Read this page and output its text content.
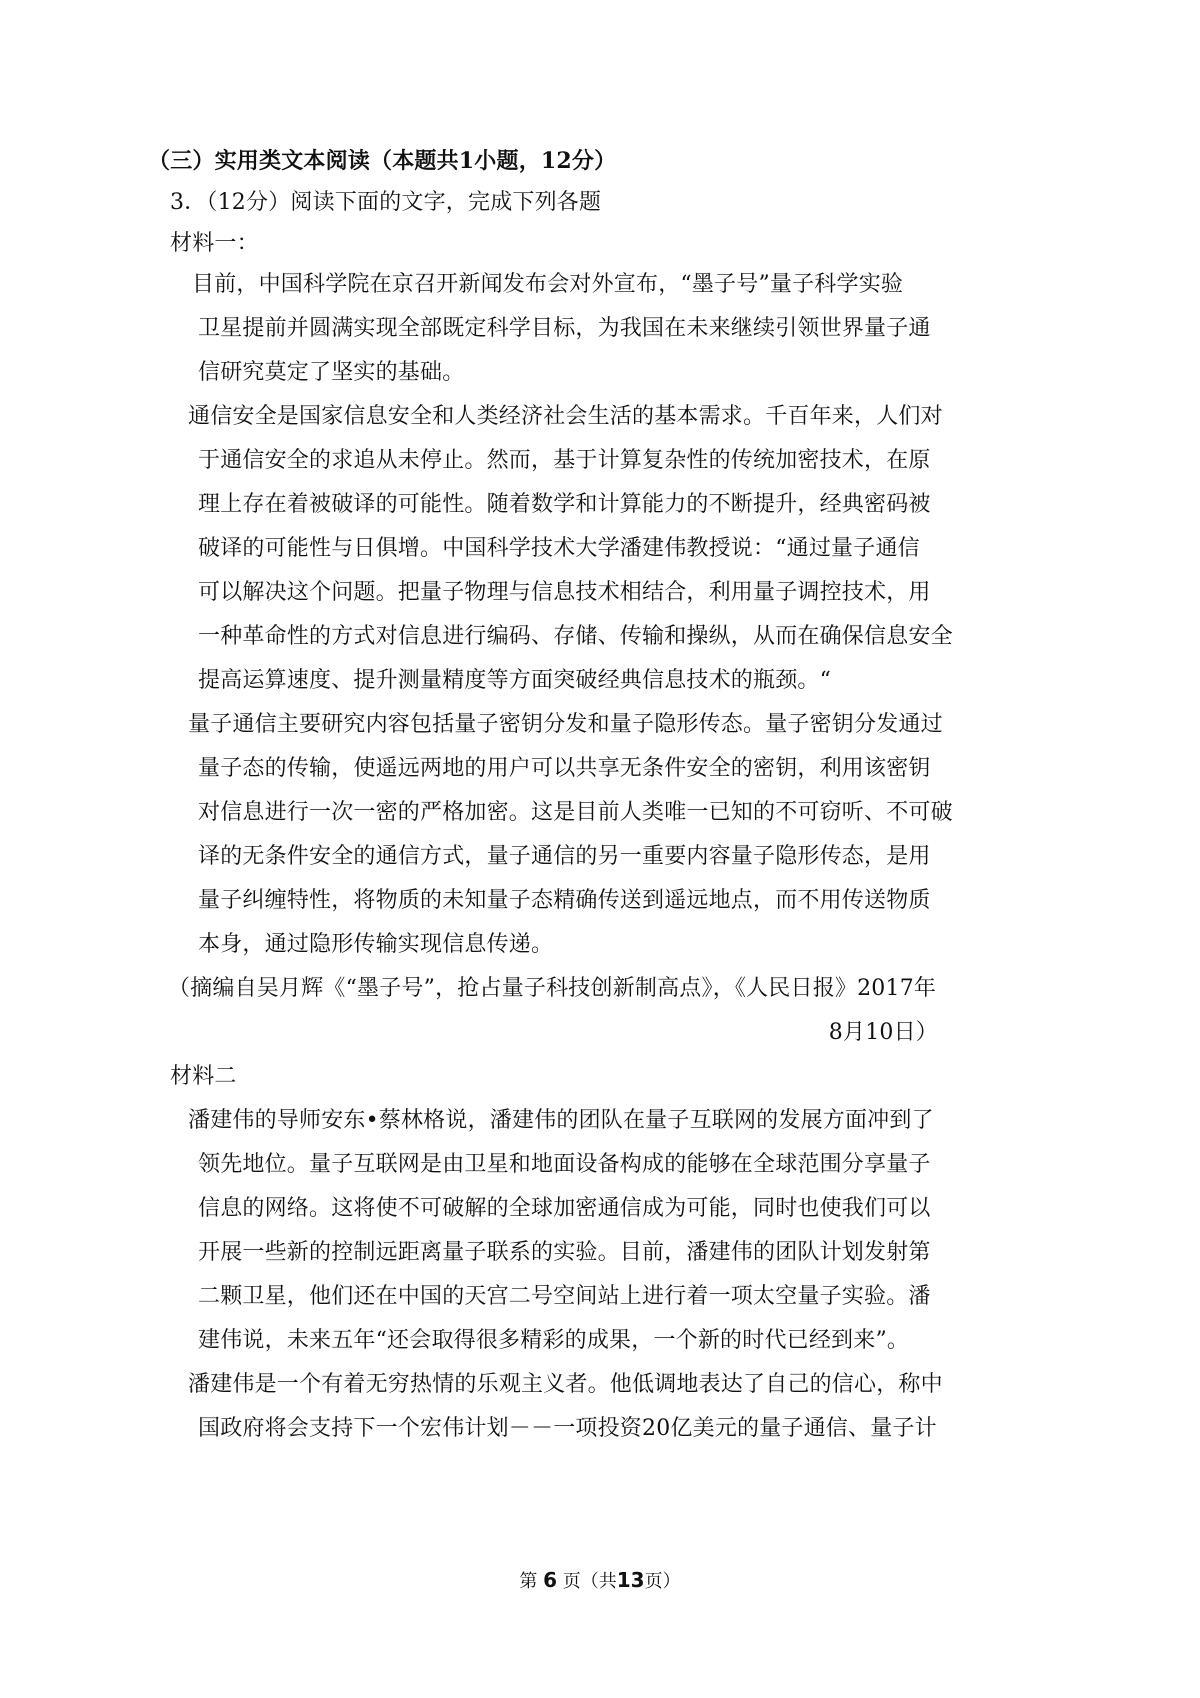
（三）实用类文本阅读（本题共1小题，12分）
3．（12分）阅读下面的文字，完成下列各题
材料一：
目前，中国科学院在京召开新闻发布会对外宣布，“墨子号”量子科学实验
卫星提前并圆满实现全部既定科学目标，为我国在未来继续引领世界量子通
信研究莫定了坚实的基础。
通信安全是国家信息安全和人类经济社会生活的基本需求。千百年来，人们对
于通信安全的求追从未停止。然而，基于计算复杂性的传统加密技术，在原
理上存在着被破译的可能性。随着数学和计算能力的不断提升，经典密码被
破译的可能性与日俱增。中国科学技术大学潘建伟教授说：“通过量子通信
可以解决这个问题。把量子物理与信息技术相结合，利用量子调控技术，用
一种革命性的方式对信息进行编码、存储、传输和操纵，从而在确保信息安全
提高运算速度、提升测量精度等方面突破经典信息技术的瓶颈。“
量子通信主要研究内容包括量子密钥分发和量子隐形传态。量子密钥分发通过
量子态的传输，使遥远两地的用户可以共享无条件安全的密钥，利用该密钥
对信息进行一次一密的严格加密。这是目前人类唯一已知的不可窃听、不可破
译的无条件安全的通信方式，量子通信的另一重要内容量子隐形传态，是用
量子纠缠特性，将物质的未知量子态精确传送到遥远地点，而不用传送物质
本身，通过隐形传输实现信息传递。
（摘编自吴月辉《“墨子号”，抢占量子科技创新制高点》，《人民日报》2017年
8月10日）
材料二
潘建伟的导师安东•蔡林格说，潘建伟的团队在量子互联网的发展方面冲到了
领先地位。量子互联网是由卫星和地面设备构成的能够在全球范围分享量子
信息的网络。这将使不可破解的全球加密通信成为可能，同时也使我们可以
开展一些新的控制远距离量子联系的实验。目前，潘建伟的团队计划发射第
二颗卫星，他们还在中国的天宫二号空间站上进行着一项太空量子实验。潘
建伟说，未来五年“还会取得很多精彩的成果，一个新的时代已经到来”。
潘建伟是一个有着无穷热情的乐观主义者。他低调地表达了自己的信心，称中
国政府将会支持下一个宏伟计划－－一项投资20亿美元的量子通信、量子计
第 6 页（共13页）
